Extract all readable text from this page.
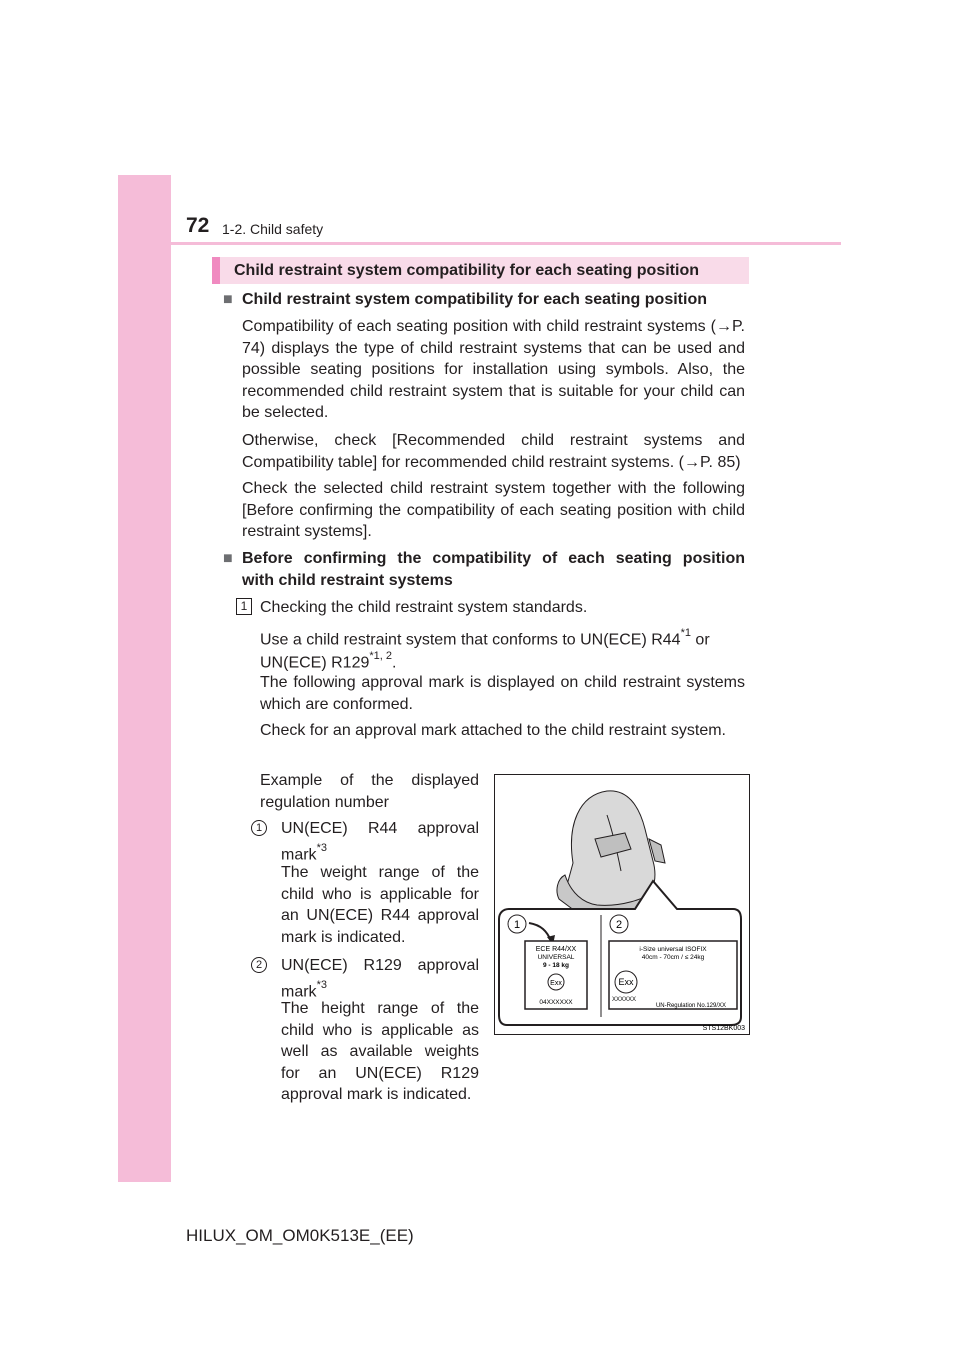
72 1-2. Child safety
Child restraint system compatibility for each seating position

■ Child restraint system compatibility for each seating position

Compatibility of each seating position with child restraint systems (→P. 74) displays the type of child restraint systems that can be used and possible seating positions for installation using symbols. Also, the recommended child restraint system that is suitable for your child can be selected.

Otherwise, check [Recommended child restraint systems and Compatibility table] for recommended child restraint systems. (→P. 85)

Check the selected child restraint system together with the following [Before confirming the compatibility of each seating position with child restraint systems].

■ Before confirming the compatibility of each seating position

with child restraint systems

1 Checking the child restraint system standards.

Use a child restraint system that conforms to UN(ECE) R44$^{*1}$ or

UN(ECE) R129$^{*1, 2}$.

The following approval mark is displayed on child restraint systems which are conformed.

Check for an approval mark attached to the child restraint system.

Example of the displayed regulation number

1	UN(ECE) R44 approval mark$^{*3}$

The weight range of the child who is applicable for an UN(ECE) R44 approval mark is indicated.

2	UN(ECE) R129 approval mark$^{*3}$

The height range of the child who is applicable as well as available weights for an UN(ECE) R129 approval mark is indicated.

1	2
ECE R44/XX
UNIVERSAL
9 - 18 kg
Exx
04XXXXXX
i-Size universal ISOFIX
40cm - 70cm / ≤ 24kg
Exx
XXXXXX
UN-Regulation No.129/XX
STS12BK003
HILUX_OM_OM0K513E_(EE)
